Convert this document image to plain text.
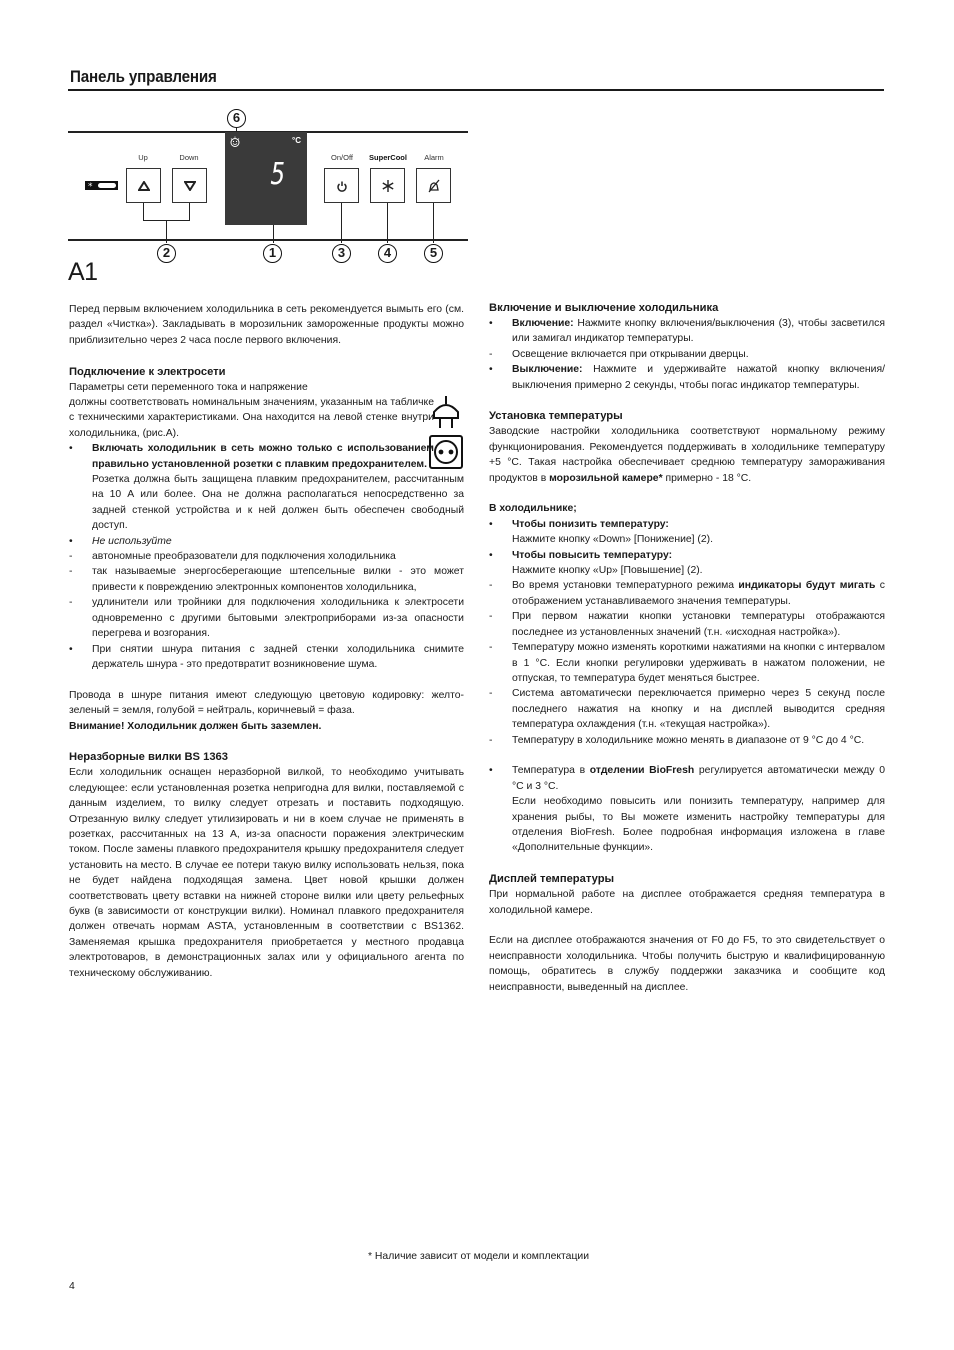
Панель управления
6
*
Up	Down
2
°C
5
1
On/Off	SuperCool	Alarm
3	4	5
A1
Перед первым включением холодильника в сеть рекомендуется вымыть его (см. раздел «Чистка»). Закладывать в морозильник замороженные продукты можно приблизительно через 2 часа после первого включения.
Подключение к электросети
Параметры сети переменного тока и напряжение
должны соответствовать номинальным значениям, указанным на табличке с техническими характеристиками. Она находится на левой стенке внутри холодильника, (рис.А).
•	Включать холодильник в сеть можно только с использованием правильно установленной розетки с плавким предохранителем.
Розетка должна быть защищена плавким предохранителем, рассчитанным на 10 А или более. Она не должна располагаться непосредственно за задней стенкой устройства и к ней должен быть обеспечен свободный доступ.
•	Не используйте
-	автономные преобразователи для подключения холодильника
-	так называемые энергосберегающие штепсельные вилки - это может привести к повреждению электронных компонентов холодильника,
-	удлинители или тройники для подключения холодильника к электросети одновременно с другими бытовыми электроприборами из-за опасности перегрева и возгорания.
•	При снятии шнура питания с задней стенки холодильника снимите держатель шнура - это предотвратит возникновение шума.
Провода в шнуре питания имеют следующую цветовую кодировку: желто-зеленый = земля, голубой = нейтраль, коричневый = фаза.
Внимание! Холодильник должен быть заземлен.
Неразборные вилки BS 1363
Если холодильник оснащен неразборной вилкой, то необходимо учитывать следующее: если установленная розетка непригодна для вилки, поставляемой с данным изделием, то вилку следует отрезать и поставить подходящую. Отрезанную вилку следует утилизировать и ни в коем случае не применять в розетках, рассчитанных на 13 А, из-за опасности поражения электрическим током. После замены плавкого предохранителя крышку предохранителя следует установить на место. В случае ее потери такую вилку использовать нельзя, пока не будет найдена подходящая замена. Цвет новой крышки должен соответствовать цвету вставки на нижней стороне вилки или цвету рельефных букв (в зависимости от конструкции вилки). Номинал плавкого предохранителя должен отвечать нормам ASTA, установленным в соответствии с BS1362. Заменяемая крышка предохранителя приобретается у местного продавца электротоваров, в демонстрационных залах или у официального агента по техническому обслуживанию.
Включение и выключение холодильника
•	Включение: Нажмите кнопку включения/выключения (3), чтобы засветился или замигал индикатор температуры.
-	Освещение включается при открывании дверцы.
•	Выключение: Нажмите и удерживайте нажатой кнопку включения/выключения примерно 2 секунды, чтобы погас индикатор температуры.
Установка температуры
Заводские настройки холодильника соответствуют нормальному режиму функционирования. Рекомендуется поддерживать в холодильнике температуру +5 °C. Такая настройка обеспечивает среднюю температуру замораживания продуктов в морозильной камере* примерно - 18 °C.
В холодильнике;
•	Чтобы понизить температуру:
Нажмите кнопку «Down» [Понижение] (2).
•	Чтобы повысить температуру:
Нажмите кнопку «Up» [Повышение] (2).
-	Во время установки температурного режима индикаторы будут мигать с отображением устанавливаемого значения температуры.
-	При первом нажатии кнопки установки температуры отображаются последнее из установленных значений (т.н. «исходная настройка»).
-	Температуру можно изменять короткими нажатиями на кнопки с интервалом в 1 °C. Если кнопки регулировки удерживать в нажатом положении, не отпуская, то температура будет меняться быстрее.
-	Система автоматически переключается примерно через 5 секунд после последнего нажатия на кнопку и на дисплей выводится средняя температура охлаждения (т.н. «текущая настройка»).
-	Температуру в холодильнике можно менять в диапазоне от 9 °C до 4 °C.
•	Температура в отделении BioFresh регулируется автоматически между 0 °C и 3 °C.
Если необходимо повысить или понизить температуру, например для хранения рыбы, то Вы можете изменить настройку температуры для отделения BioFresh. Более подробная информация изложена в главе «Дополнительные функции».
Дисплей температуры
При нормальной работе на дисплее отображается средняя температура в холодильной камере.
Если на дисплее отображаются значения от F0 до F5, то это свидетельствует о неисправности холодильника. Чтобы получить быструю и квалифицированную помощь, обратитесь в службу поддержки заказчика и сообщите код неисправности, выведенный на дисплее.
* Наличие зависит от модели и комплектации
4
